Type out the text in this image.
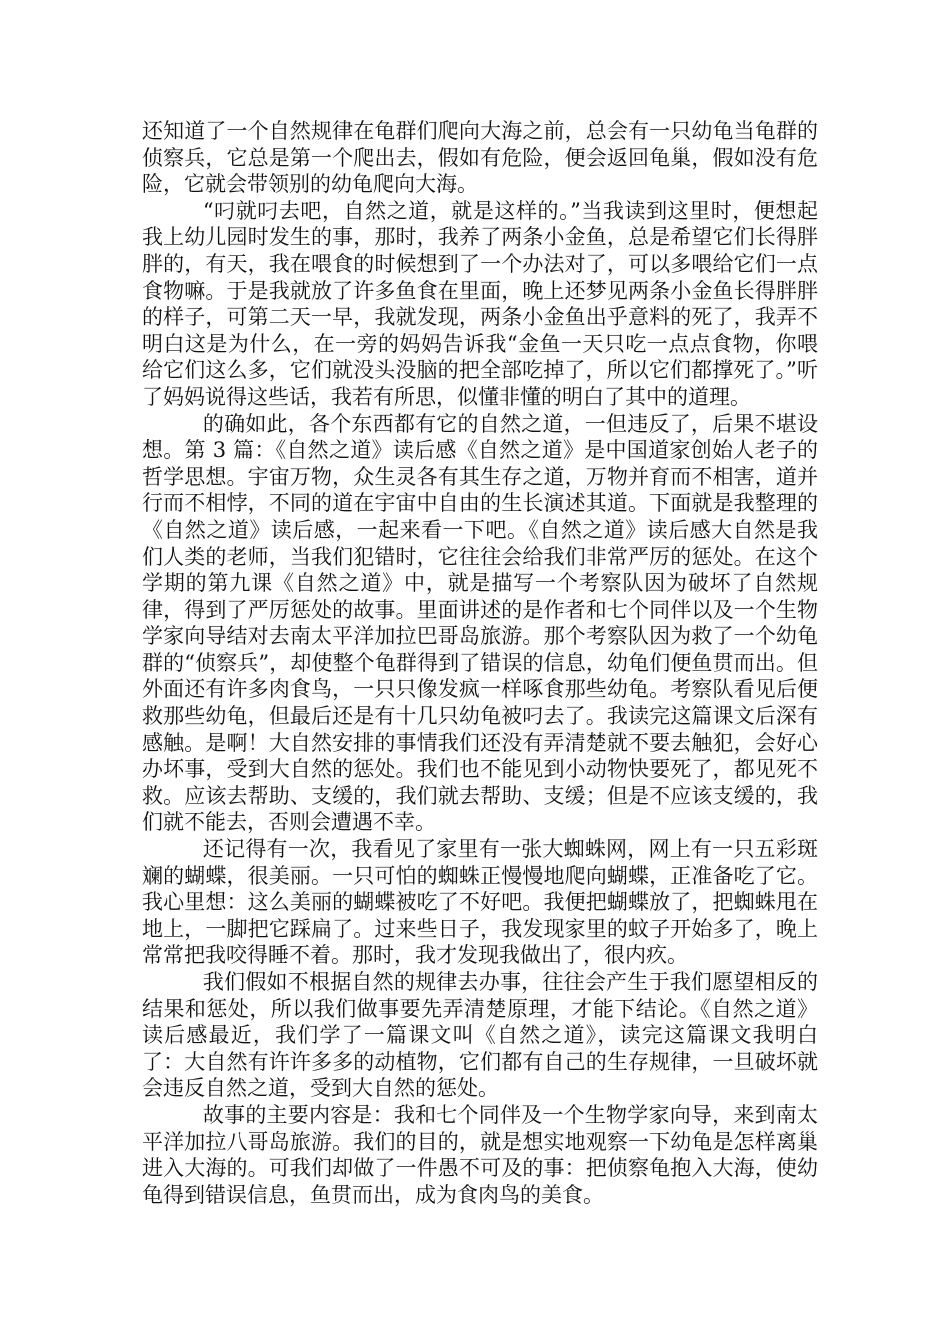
还知道了一个自然规律在龟群们爬向大海之前，总会有一只幼龟当龟群的侦察兵，它总是第一个爬出去，假如有危险，便会返回龟巢，假如没有危险，它就会带领别的幼龟爬向大海。

“叼就叼去吧，自然之道，就是这样的。”当我读到这里时，便想起我上幼儿园时发生的事，那时，我养了两条小金鱼，总是希望它们长得胖胖的，有天，我在喂食的时候想到了一个办法对了，可以多喂给它们一点食物嘛。于是我就放了许多鱼食在里面，晚上还梦见两条小金鱼长得胖胖的样子，可第二天一早，我就发现，两条小金鱼出乎意料的死了，我弄不明白这是为什么，在一旁的妈妈告诉我“金鱼一天只吃一点点食物，你喂给它们这么多，它们就没头没脑的把全部吃掉了，所以它们都撑死了。”听了妈妈说得这些话，我若有所思，似懂非懂的明白了其中的道理。

的确如此，各个东西都有它的自然之道，一但违反了，后果不堪设想。第 3 篇：《自然之道》读后感《自然之道》是中国道家创始人老子的哲学思想。宇宙万物，众生灵各有其生存之道，万物并育而不相害，道并行而不相悖，不同的道在宇宙中自由的生长演述其道。下面就是我整理的《自然之道》读后感，一起来看一下吧。《自然之道》读后感大自然是我们人类的老师，当我们犯错时，它往往会给我们非常严厉的惩处。在这个学期的第九课《自然之道》中，就是描写一个考察队因为破坏了自然规律，得到了严厉惩处的故事。里面讲述的是作者和七个同伴以及一个生物学家向导结对去南太平洋加拉巴哥岛旅游。那个考察队因为救了一个幼龟群的“侦察兵”，却使整个龟群得到了错误的信息，幼龟们便鱼贯而出。但外面还有许多肉食鸟，一只只像发疯一样啄食那些幼龟。考察队看见后便救那些幼龟，但最后还是有十几只幼龟被叼去了。我读完这篇课文后深有感触。是啊！大自然安排的事情我们还没有弄清楚就不要去触犯，会好心办坏事，受到大自然的惩处。我们也不能见到小动物快要死了，都见死不救。应该去帮助、支缓的，我们就去帮助、支缓；但是不应该支缓的，我们就不能去，否则会遭遇不幸。

还记得有一次，我看见了家里有一张大蜘蛛网，网上有一只五彩斑斓的蝴蝶，很美丽。一只可怕的蜘蛛正慢慢地爬向蝴蝶，正准备吃了它。我心里想：这么美丽的蝴蝶被吃了不好吧。我便把蝴蝶放了，把蜘蛛甩在地上，一脚把它踩扁了。过来些日子，我发现家里的蚊子开始多了，晚上常常把我咬得睡不着。那时，我才发现我做出了，很内疚。

我们假如不根据自然的规律去办事，往往会产生于我们愿望相反的结果和惩处，所以我们做事要先弄清楚原理，才能下结论。《自然之道》读后感最近，我们学了一篇课文叫《自然之道》，读完这篇课文我明白了：大自然有许许多多的动植物，它们都有自己的生存规律，一旦破坏就会违反自然之道，受到大自然的惩处。

故事的主要内容是：我和七个同伴及一个生物学家向导，来到南太平洋加拉八哥岛旅游。我们的目的，就是想实地观察一下幼龟是怎样离巢进入大海的。可我们却做了一件愚不可及的事：把侦察龟抱入大海，使幼龟得到错误信息，鱼贯而出，成为食肉鸟的美食。
